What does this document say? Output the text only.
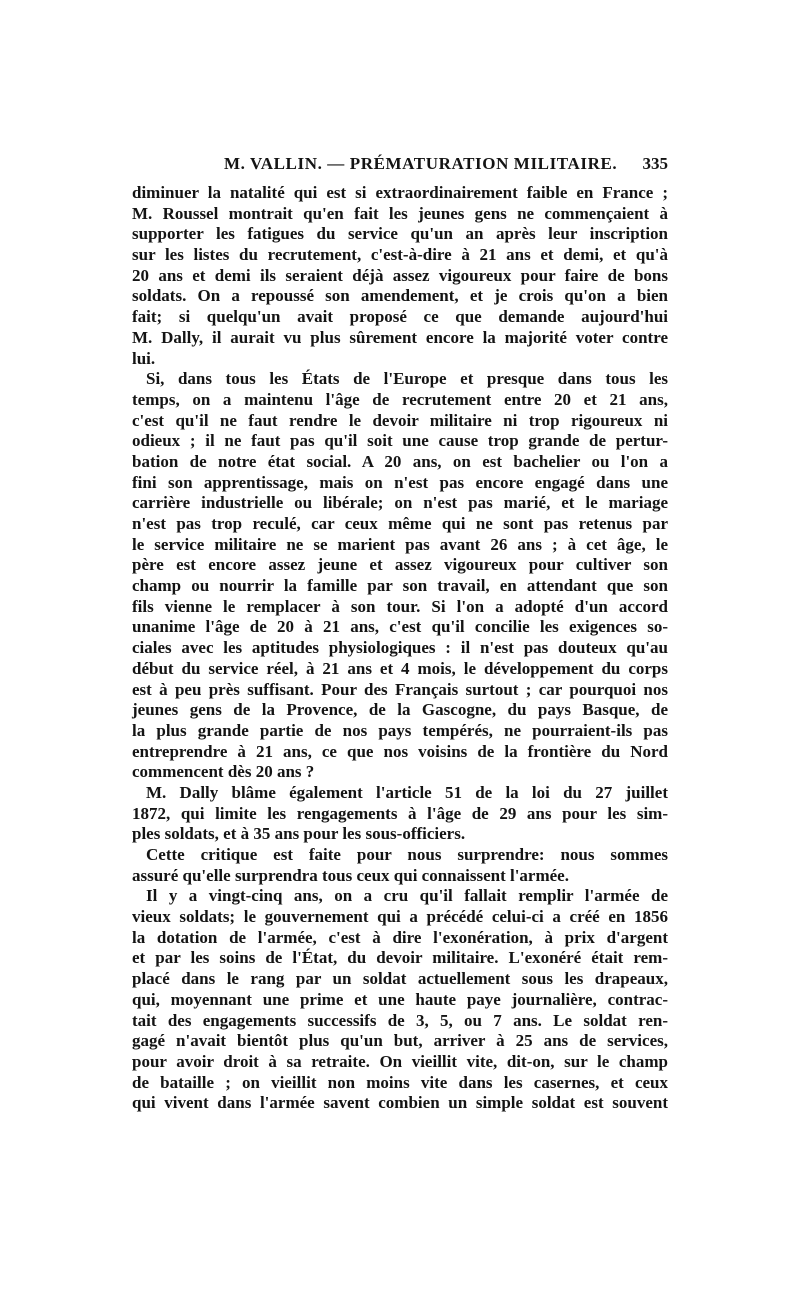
M. VALLIN. — PRÉMATURATION MILITAIRE. 335
diminuer la natalité qui est si extraordinairement faible en France ;
M. Roussel montrait qu'en fait les jeunes gens ne commençaient à
supporter les fatigues du service qu'un an après leur inscription
sur les listes du recrutement, c'est-à-dire à 21 ans et demi, et qu'à
20 ans et demi ils seraient déjà assez vigoureux pour faire de bons
soldats. On a repoussé son amendement, et je crois qu'on a bien
fait; si quelqu'un avait proposé ce que demande aujourd'hui
M. Dally, il aurait vu plus sûrement encore la majorité voter contre
lui.
Si, dans tous les États de l'Europe et presque dans tous les
temps, on a maintenu l'âge de recrutement entre 20 et 21 ans,
c'est qu'il ne faut rendre le devoir militaire ni trop rigoureux ni
odieux ; il ne faut pas qu'il soit une cause trop grande de pertur-
bation de notre état social. A 20 ans, on est bachelier ou l'on a
fini son apprentissage, mais on n'est pas encore engagé dans une
carrière industrielle ou libérale; on n'est pas marié, et le mariage
n'est pas trop reculé, car ceux même qui ne sont pas retenus par
le service militaire ne se marient pas avant 26 ans ; à cet âge, le
père est encore assez jeune et assez vigoureux pour cultiver son
champ ou nourrir la famille par son travail, en attendant que son
fils vienne le remplacer à son tour. Si l'on a adopté d'un accord
unanime l'âge de 20 à 21 ans, c'est qu'il concilie les exigences so-
ciales avec les aptitudes physiologiques : il n'est pas douteux qu'au
début du service réel, à 21 ans et 4 mois, le développement du corps
est à peu près suffisant. Pour des Français surtout ; car pourquoi nos
jeunes gens de la Provence, de la Gascogne, du pays Basque, de
la plus grande partie de nos pays tempérés, ne pourraient-ils pas
entreprendre à 21 ans, ce que nos voisins de la frontière du Nord
commencent dès 20 ans ?
M. Dally blâme également l'article 51 de la loi du 27 juillet
1872, qui limite les rengagements à l'âge de 29 ans pour les sim-
ples soldats, et à 35 ans pour les sous-officiers.
Cette critique est faite pour nous surprendre: nous sommes
assuré qu'elle surprendra tous ceux qui connaissent l'armée.
Il y a vingt-cinq ans, on a cru qu'il fallait remplir l'armée de
vieux soldats; le gouvernement qui a précédé celui-ci a créé en 1856
la dotation de l'armée, c'est à dire l'exonération, à prix d'argent
et par les soins de l'État, du devoir militaire. L'exonéré était rem-
placé dans le rang par un soldat actuellement sous les drapeaux,
qui, moyennant une prime et une haute paye journalière, contrac-
tait des engagements successifs de 3, 5, ou 7 ans. Le soldat ren-
gagé n'avait bientôt plus qu'un but, arriver à 25 ans de services,
pour avoir droit à sa retraite. On vieillit vite, dit-on, sur le champ
de bataille ; on vieillit non moins vite dans les casernes, et ceux
qui vivent dans l'armée savent combien un simple soldat est souvent
